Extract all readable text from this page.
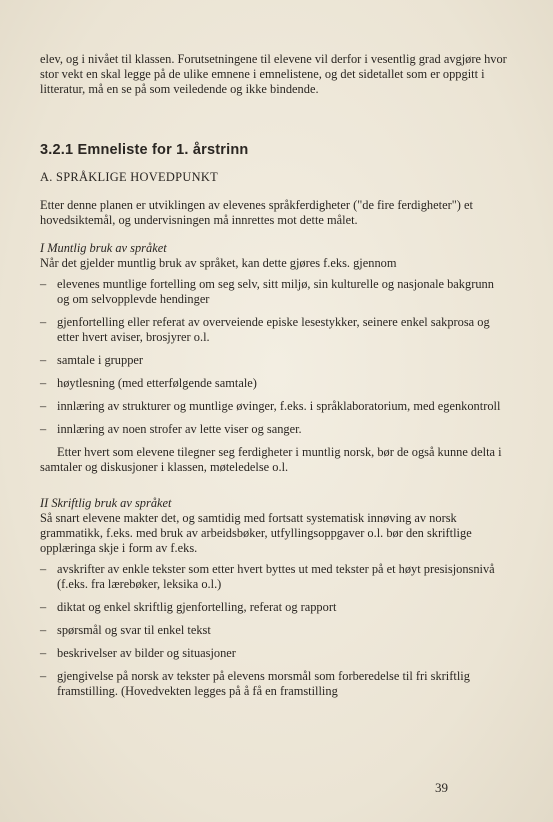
elev, og i nivået til klassen. Forutsetningene til elevene vil derfor i vesentlig grad avgjøre hvor stor vekt en skal legge på de ulike emnene i emnelistene, og det sidetallet som er oppgitt i litteratur, må en se på som veiledende og ikke bindende.

3.2.1 Emneliste for 1. årstrinn

A. SPRÅKLIGE HOVEDPUNKT

Etter denne planen er utviklingen av elevenes språkferdigheter ("de fire ferdigheter") et hovedsiktemål, og undervisningen må innrettes mot dette målet.

I Muntlig bruk av språket

Når det gjelder muntlig bruk av språket, kan dette gjøres f.eks. gjennom

– elevenes muntlige fortelling om seg selv, sitt miljø, sin kulturelle og nasjonale bakgrunn og om selvopplevde hendinger
– gjenfortelling eller referat av overveiende episke lesestykker, seinere enkel sakprosa og etter hvert aviser, brosjyrer o.l.
– samtale i grupper
– høytlesning (med etterfølgende samtale)
– innlæring av strukturer og muntlige øvinger, f.eks. i språklaboratorium, med egenkontroll
– innlæring av noen strofer av lette viser og sanger.

Etter hvert som elevene tilegner seg ferdigheter i muntlig norsk, bør de også kunne delta i samtaler og diskusjoner i klassen, møteledelse o.l.

II Skriftlig bruk av språket

Så snart elevene makter det, og samtidig med fortsatt systematisk innøving av norsk grammatikk, f.eks. med bruk av arbeidsbøker, utfyllingsoppgaver o.l. bør den skriftlige opplæringa skje i form av f.eks.

– avskrifter av enkle tekster som etter hvert byttes ut med tekster på et høyt presisjonsnivå (f.eks. fra lærebøker, leksika o.l.)
– diktat og enkel skriftlig gjenfortelling, referat og rapport
– spørsmål og svar til enkel tekst
– beskrivelser av bilder og situasjoner
– gjengivelse på norsk av tekster på elevens morsmål som forberedelse til fri skriftlig framstilling. (Hovedvekten legges på å få en framstilling
39
